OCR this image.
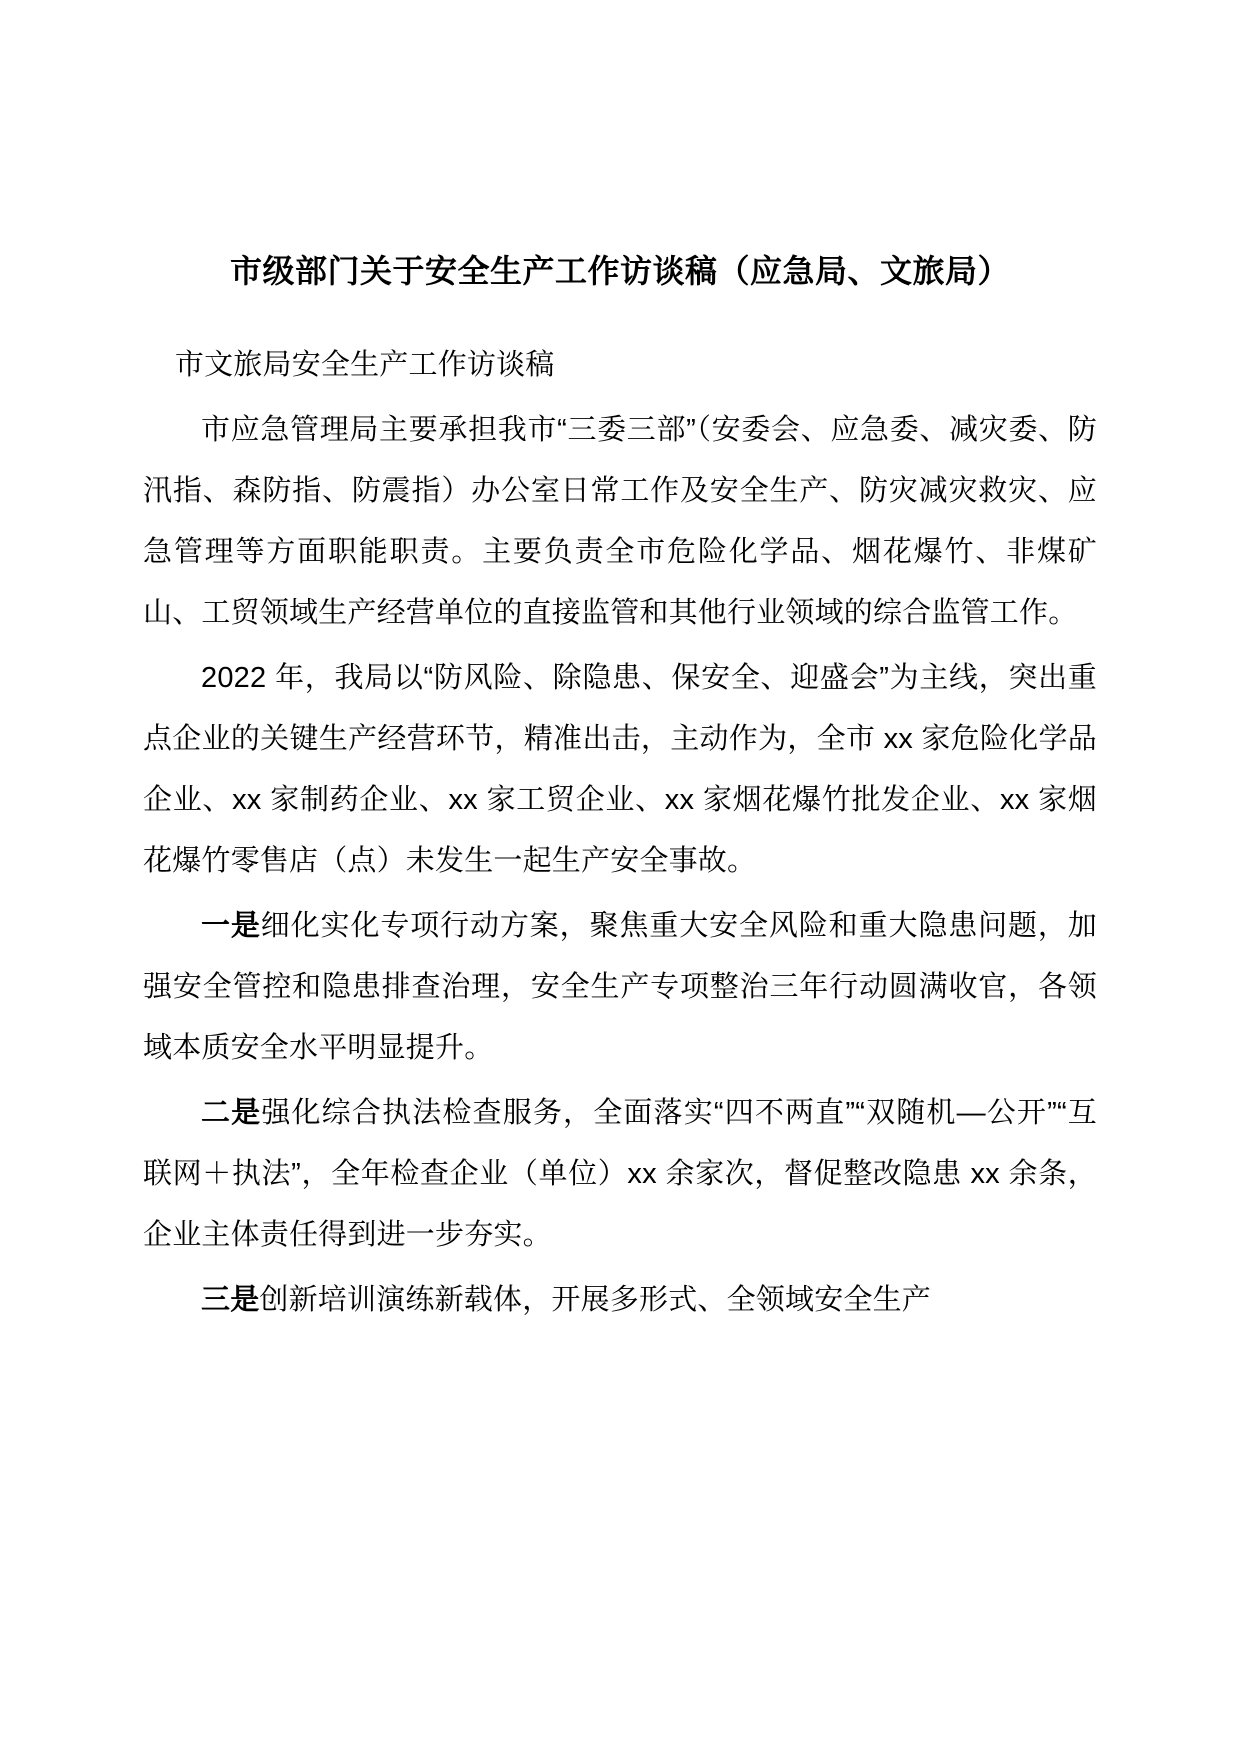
市级部门关于安全生产工作访谈稿（应急局、文旅局）

市文旅局安全生产工作访谈稿

市应急管理局主要承担我市“三委三部”（安委会、应急委、减灾委、防汛指、森防指、防震指）办公室日常工作及安全生产、防灾减灾救灾、应急管理等方面职能职责。主要负责全市危险化学品、烟花爆竹、非煤矿山、工贸领域生产经营单位的直接监管和其他行业领域的综合监管工作。

2022 年，我局以“防风险、除隐患、保安全、迎盛会”为主线，突出重点企业的关键生产经营环节，精准出击，主动作为，全市 xx 家危险化学品企业、xx 家制药企业、xx 家工贸企业、xx 家烟花爆竹批发企业、xx 家烟花爆竹零售店（点）未发生一起生产安全事故。

一是细化实化专项行动方案，聚焦重大安全风险和重大隐患问题，加强安全管控和隐患排查治理，安全生产专项整治三年行动圆满收官，各领域本质安全水平明显提升。

二是强化综合执法检查服务，全面落实“四不两直”“双随机—公开”“互联网＋执法”，全年检查企业（单位）xx 余家次，督促整改隐患 xx 余条，企业主体责任得到进一步夯实。

三是创新培训演练新载体，开展多形式、全领域安全生产
